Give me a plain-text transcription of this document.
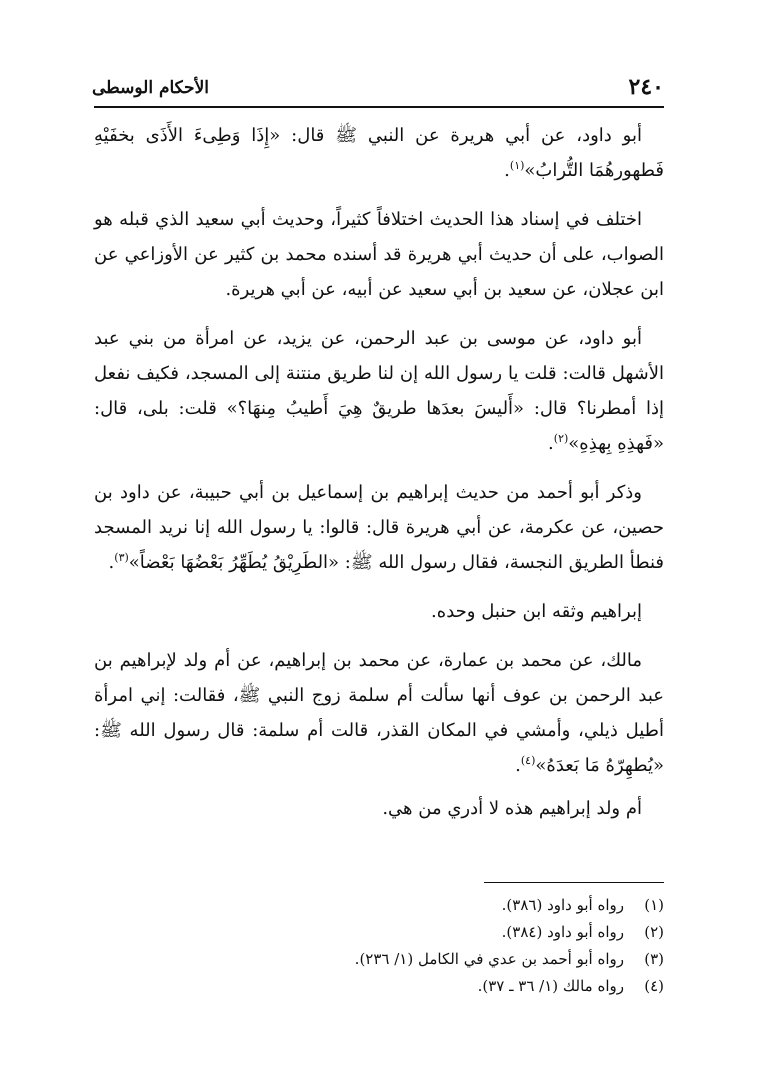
٢٤٠
الأحكام الوسطى

أبو داود، عن أبي هريرة عن النبي ﷺ قال: «إِذَا وَطِىءَ الأَذَى بخفَيْهِ فَطهورهُمَا التُّرابُ»$^{(١)}$.

اختلف في إسناد هذا الحديث اختلافاً كثيراً، وحديث أبي سعيد الذي قبله هو الصواب، على أن حديث أبي هريرة قد أسنده محمد بن كثير عن الأوزاعي عن ابن عجلان، عن سعيد بن أبي سعيد عن أبيه، عن أبي هريرة.

أبو داود، عن موسى بن عبد الرحمن، عن يزيد، عن امرأة من بني عبد الأشهل قالت: قلت يا رسول الله إن لنا طريق منتنة إلى المسجد، فكيف نفعل إذا أمطرنا؟ قال: «أَليسَ بعدَها طريقٌ هِيَ أَطيبُ مِنهَا؟» قلت: بلى، قال: «فَهذِهِ بِهذِهِ»$^{(٢)}$.

وذكر أبو أحمد من حديث إبراهيم بن إسماعيل بن أبي حبيبة، عن داود بن حصين، عن عكرمة، عن أبي هريرة قال: قالوا: يا رسول الله إنا نريد المسجد فنطأ الطريق النجسة، فقال رسول الله ﷺ: «الطَرِيْقُ يُطَهِّرُ بَعْضُهَا بَعْضاً»$^{(٣)}$.

إبراهيم وثقه ابن حنبل وحده.

مالك، عن محمد بن عمارة، عن محمد بن إبراهيم، عن أم ولد لإبراهيم بن عبد الرحمن بن عوف أنها سألت أم سلمة زوج النبي ﷺ، فقالت: إني امرأة أطيل ذيلي، وأمشي في المكان القذر، قالت أم سلمة: قال رسول الله ﷺ: «يُطهِرّهُ مَا بَعدَهُ»$^{(٤)}$.

أم ولد إبراهيم هذه لا أدري من هي.

(١)
رواه أبو داود (٣٨٦).
(٢)
رواه أبو داود (٣٨٤).
(٣)
رواه أبو أحمد بن عدي في الكامل (١/ ٢٣٦).
(٤)
رواه مالك (١/ ٣٦ ـ ٣٧).
